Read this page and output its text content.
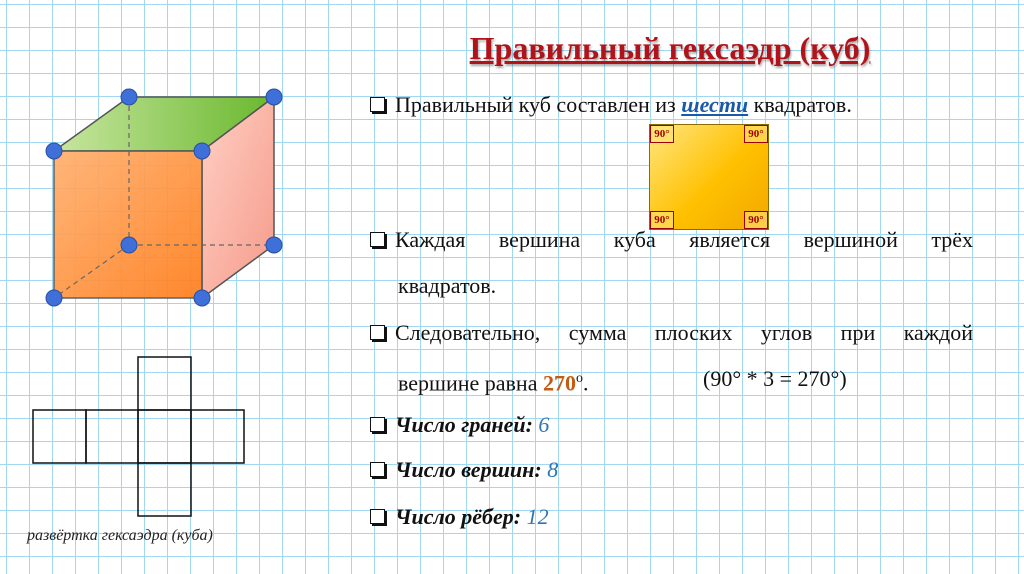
Правильный гексаэдр (куб)
развёртка гексаэдра (куба)
Правильный куб составлен из шести квадратов.
90°	90°
90°	90°
Каждая вершина куба является вершиной трёх
квадратов.
Следовательно, сумма плоских углов при каждой
вершине равна $270^о$.	(90° * 3 = 270°)
Число граней: 6
Число вершин: 8
Число рёбер: 12
